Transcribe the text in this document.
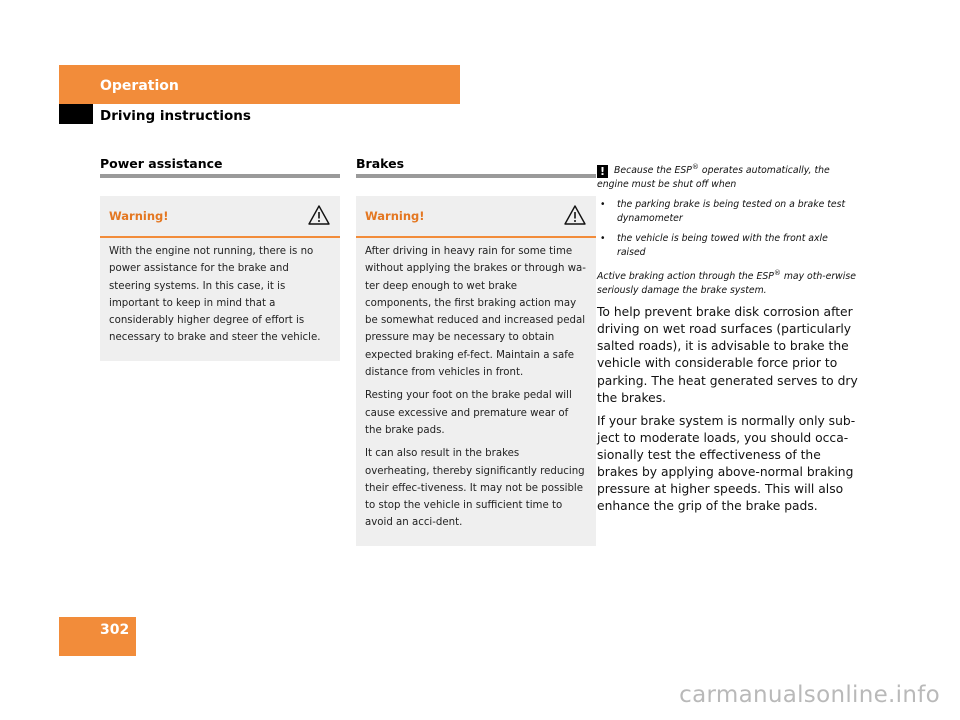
Operation
Driving instructions
Power assistance
Warning!

With the engine not running, there is no power assistance for the brake and steering systems. In this case, it is important to keep in mind that a considerably higher degree of effort is necessary to brake and steer the vehicle.

Brakes
Warning!

After driving in heavy rain for some time without applying the brakes or through wa-ter deep enough to wet brake components, the first braking action may be somewhat reduced and increased pedal pressure may be necessary to obtain expected braking ef-fect. Maintain a safe distance from vehicles in front.

Resting your foot on the brake pedal will cause excessive and premature wear of the brake pads.

It can also result in the brakes overheating, thereby significantly reducing their effec-tiveness. It may not be possible to stop the vehicle in sufficient time to avoid an acci-dent.

! Because the ESP® operates automatically, the engine must be shut off when

• the parking brake is being tested on a brake test dynamometer

• the vehicle is being towed with the front axle raised

Active braking action through the ESP® may oth-erwise seriously damage the brake system.

To help prevent brake disk corrosion after driving on wet road surfaces (particularly salted roads), it is advisable to brake the vehicle with considerable force prior to parking. The heat generated serves to dry the brakes.

If your brake system is normally only sub-ject to moderate loads, you should occa-sionally test the effectiveness of the brakes by applying above-normal braking pressure at higher speeds. This will also enhance the grip of the brake pads.

302
carmanualsonline.info
